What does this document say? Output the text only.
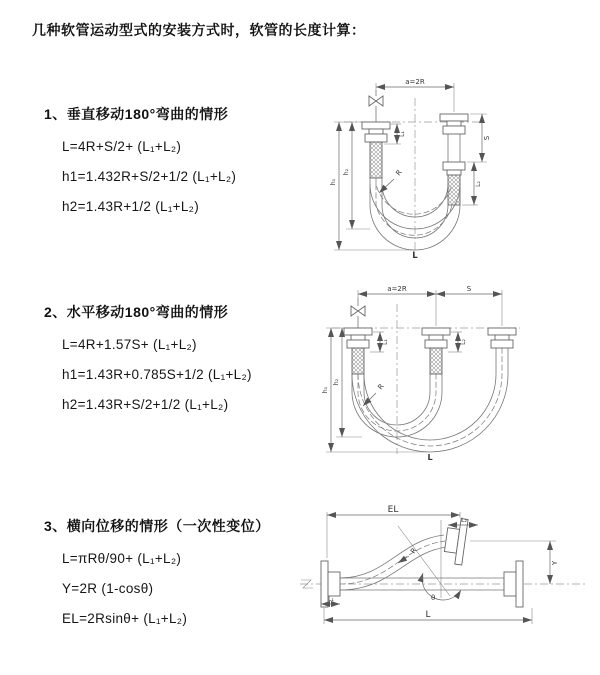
几种软管运动型式的安装方式时，软管的长度计算：
1、垂直移动180°弯曲的情形
L=4R+S/2+ (L₁+L₂)
h1=1.432R+S/2+1/2 (L₁+L₂)
h2=1.43R+1/2 (L₁+L₂)
2、水平移动180°弯曲的情形
L=4R+1.57S+ (L₁+L₂)
h1=1.43R+0.785S+1/2 (L₁+L₂)
h2=1.43R+S/2+1/2 (L₁+L₂)
3、横向位移的情形（一次性变位）
L=πRθ/90+ (L₁+L₂)
Y=2R (1-cosθ)
EL=2Rsinθ+ (L₁+L₂)
a=2R
S
L₂
L₁
h₂
h₁
R
L
a=2R	S
L₁	L₂
h₂
h₁	R
L
θ
EL
L₂
Y
R
L₁
L
